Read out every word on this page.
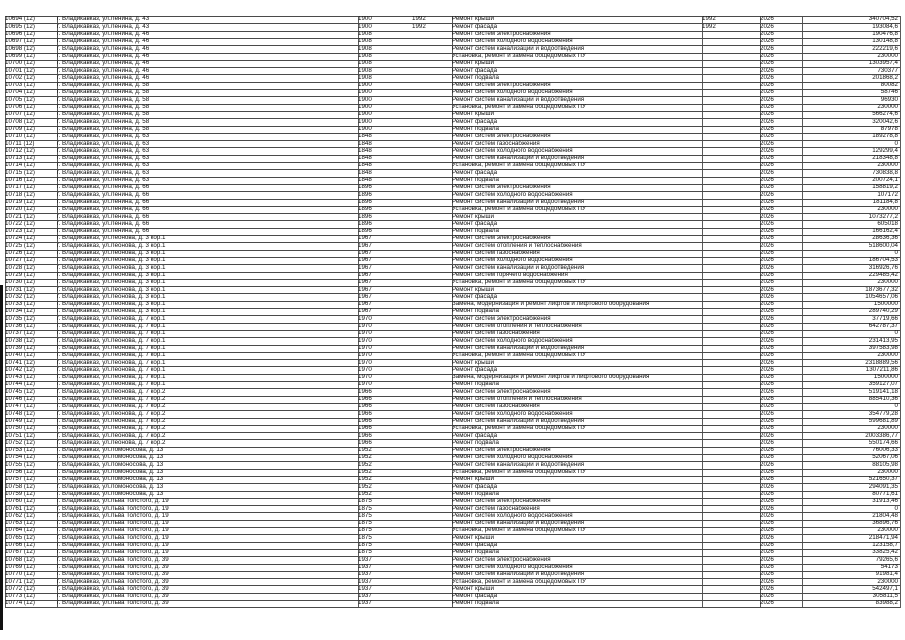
10694 (12)	г. Владикавказ, ул.Ленина, д. 43	1900	1992	Ремонт крыши	1992	2026	340704,52
10695 (12)	г. Владикавказ, ул.Ленина, д. 43	1900	1992	Ремонт фасада	1992	2026	193084,6
10696 (12)	г. Владикавказ, ул.Ленина, д. 46	1908	Ремонт систем электроснабжения	2026	190476,8
10697 (12)	г. Владикавказ, ул.Ленина, д. 46	1908	Ремонт систем холодного водоснабжения	2026	130148,8
10698 (12)	г. Владикавказ, ул.Ленина, д. 46	1908	Ремонт систем канализации и водоотведения	2026	222219,6
10699 (12)	г. Владикавказ, ул.Ленина, д. 46	1908	Установка, ремонт и замена общедомовых ПУ	2026	230000
10700 (12)	г. Владикавказ, ул.Ленина, д. 46	1908	Ремонт крыши	2026	1303957,4
10701 (12)	г. Владикавказ, ул.Ленина, д. 46	1908	Ремонт фасада	2026	730377
10702 (12)	г. Владикавказ, ул.Ленина, д. 46	1908	Ремонт подвала	2026	201868,2
10703 (12)	г. Владикавказ, ул.Ленина, д. 58	1900	Ремонт систем электроснабжения	2026	80082
10704 (12)	г. Владикавказ, ул.Ленина, д. 58	1900	Ремонт систем холодного водоснабжения	2026	58746
10705 (12)	г. Владикавказ, ул.Ленина, д. 58	1900	Ремонт систем канализации и водоотведения	2026	96930
10706 (12)	г. Владикавказ, ул.Ленина, д. 58	1900	Установка, ремонт и замена общедомовых ПУ	2026	230000
10707 (12)	г. Владикавказ, ул.Ленина, д. 58	1900	Ремонт крыши	2026	566274,6
10708 (12)	г. Владикавказ, ул.Ленина, д. 58	1900	Ремонт фасада	2026	320042,6
10709 (12)	г. Владикавказ, ул.Ленина, д. 58	1900	Ремонт подвала	2026	87978
10710 (12)	г. Владикавказ, ул.Ленина, д. 63	1848	Ремонт систем электроснабжения	2026	189278,8
10711 (12)	г. Владикавказ, ул.Ленина, д. 63	1848	Ремонт систем газоснабжения	2026	0
10712 (12)	г. Владикавказ, ул.Ленина, д. 63	1848	Ремонт систем холодного водоснабжения	2026	129299,4
10713 (12)	г. Владикавказ, ул.Ленина, д. 63	1848	Ремонт систем канализации и водоотведения	2026	218348,8
10714 (12)	г. Владикавказ, ул.Ленина, д. 63	1848	Установка, ремонт и замена общедомовых ПУ	2026	230000
10715 (12)	г. Владикавказ, ул.Ленина, д. 63	1848	Ремонт фасада	2026	730838,8
10716 (12)	г. Владикавказ, ул.Ленина, д. 63	1848	Ремонт подвала	2026	200724,1
10717 (12)	г. Владикавказ, ул.Ленина, д. 66	1896	Ремонт систем электроснабжения	2026	158819,2
10718 (12)	г. Владикавказ, ул.Ленина, д. 66	1896	Ремонт систем холодного водоснабжения	2026	107172
10719 (12)	г. Владикавказ, ул.Ленина, д. 66	1896	Ремонт систем канализации и водоотведения	2026	181184,8
10720 (12)	г. Владикавказ, ул.Ленина, д. 66	1896	Установка, ремонт и замена общедомовых ПУ	2026	230000
10721 (12)	г. Владикавказ, ул.Ленина, д. 66	1896	Ремонт крыши	2026	1073277,2
10722 (12)	г. Владикавказ, ул.Ленина, д. 66	1896	Ремонт фасада	2026	605018
10723 (12)	г. Владикавказ, ул.Ленина, д. 66	1896	Ремонт подвала	2026	166162,4
10724 (12)	г. Владикавказ, ул.Леонова, д. 3 кор.1	1967	Ремонт систем электроснабжения	2026	28636,36
10725 (12)	г. Владикавказ, ул.Леонова, д. 3 кор.1	1967	Ремонт систем отопления и теплоснабжения	2026	518600,04
10726 (12)	г. Владикавказ, ул.Леонова, д. 3 кор.1	1967	Ремонт систем газоснабжения	2026	0
10727 (12)	г. Владикавказ, ул.Леонова, д. 3 кор.1	1967	Ремонт систем холодного водоснабжения	2026	186704,53
10728 (12)	г. Владикавказ, ул.Леонова, д. 3 кор.1	1967	Ремонт систем канализации и водоотведения	2026	316926,76
10729 (12)	г. Владикавказ, ул.Леонова, д. 3 кор.1	1967	Ремонт систем горячего водоснабжения	2026	229485,42
10730 (12)	г. Владикавказ, ул.Леонова, д. 3 кор.1	1967	Установка, ремонт и замена общедомовых ПУ	2026	230000
10731 (12)	г. Владикавказ, ул.Леонова, д. 3 кор.1	1967	Ремонт крыши	2026	1873677,32
10732 (12)	г. Владикавказ, ул.Леонова, д. 3 кор.1	1967	Ремонт фасада	2026	1054657,06
10733 (12)	г. Владикавказ, ул.Леонова, д. 3 кор.1	1967	Замена, модернизация и ремонт лифтов и лифтового оборудования	2026	1500000
10734 (12)	г. Владикавказ, ул.Леонова, д. 3 кор.1	1967	Ремонт подвала	2026	289740,29
10735 (12)	г. Владикавказ, ул.Леонова, д. 7 кор.1	1970	Ремонт систем электроснабжения	2026	37719,66
10736 (12)	г. Владикавказ, ул.Леонова, д. 7 кор.1	1970	Ремонт систем отопления и теплоснабжения	2026	642787,37
10737 (12)	г. Владикавказ, ул.Леонова, д. 7 кор.1	1970	Ремонт систем газоснабжения	2026	0
10738 (12)	г. Владикавказ, ул.Леонова, д. 7 кор.1	1970	Ремонт систем холодного водоснабжения	2026	231413,95
10739 (12)	г. Владикавказ, ул.Леонова, д. 7 кор.1	1970	Ремонт систем канализации и водоотведения	2026	397583,98
10740 (12)	г. Владикавказ, ул.Леонова, д. 7 кор.1	1970	Установка, ремонт и замена общедомовых ПУ	2026	230000
10741 (12)	г. Владикавказ, ул.Леонова, д. 7 кор.1	1970	Ремонт крыши	2026	2318889,56
10742 (12)	г. Владикавказ, ул.Леонова, д. 7 кор.1	1970	Ремонт фасада	2026	1307211,86
10743 (12)	г. Владикавказ, ул.Леонова, д. 7 кор.1	1970	Замена, модернизация и ремонт лифтов и лифтового оборудования	2026	1500000
10744 (12)	г. Владикавказ, ул.Леонова, д. 7 кор.1	1970	Ремонт подвала	2026	359127,07
10745 (12)	г. Владикавказ, ул.Леонова, д. 7 кор.2	1966	Ремонт систем электроснабжения	2026	519141,18
10746 (12)	г. Владикавказ, ул.Леонова, д. 7 кор.2	1966	Ремонт систем отопления и теплоснабжения	2026	885410,36
10747 (12)	г. Владикавказ, ул.Леонова, д. 7 кор.2	1966	Ремонт систем газоснабжения	2026	0
10748 (12)	г. Владикавказ, ул.Леонова, д. 7 кор.2	1966	Ремонт систем холодного водоснабжения	2026	354779,28
10749 (12)	г. Владикавказ, ул.Леонова, д. 7 кор.2	1966	Ремонт систем канализации и водоотведения	2026	599681,89
10750 (12)	г. Владикавказ, ул.Леонова, д. 7 кор.2	1966	Установка, ремонт и замена общедомовых ПУ	2026	230000
10751 (12)	г. Владикавказ, ул.Леонова, д. 7 кор.2	1966	Ремонт фасада	2026	2003386,77
10752 (12)	г. Владикавказ, ул.Леонова, д. 7 кор.2	1966	Ремонт подвала	2026	550174,66
10753 (12)	г. Владикавказ, ул.Ломоносова, д. 13	1952	Ремонт систем электроснабжения	2026	76006,33
10754 (12)	г. Владикавказ, ул.Ломоносова, д. 13	1952	Ремонт систем холодного водоснабжения	2026	52067,06
10755 (12)	г. Владикавказ, ул.Ломоносова, д. 13	1952	Ремонт систем канализации и водоотведения	2026	88105,98
10756 (12)	г. Владикавказ, ул.Ломоносова, д. 13	1952	Установка, ремонт и замена общедомовых ПУ	2026	230000
10757 (12)	г. Владикавказ, ул.Ломоносова, д. 13	1952	Ремонт крыши	2026	521650,37
10758 (12)	г. Владикавказ, ул.Ломоносова, д. 13	1952	Ремонт фасада	2026	294091,35
10759 (12)	г. Владикавказ, ул.Ломоносова, д. 13	1952	Ремонт подвала	2026	80771,61
10760 (12)	г. Владикавказ, ул.Льва Толстого, д. 19	1875	Ремонт систем электроснабжения	2026	31913,46
10761 (12)	г. Владикавказ, ул.Льва Толстого, д. 19	1875	Ремонт систем газоснабжения	2026	0
10762 (12)	г. Владикавказ, ул.Льва Толстого, д. 19	1875	Ремонт систем холодного водоснабжения	2026	21804,48
10763 (12)	г. Владикавказ, ул.Льва Толстого, д. 19	1875	Ремонт систем канализации и водоотведения	2026	36896,76
10764 (12)	г. Владикавказ, ул.Льва Толстого, д. 19	1875	Установка, ремонт и замена общедомовых ПУ	2026	230000
10765 (12)	г. Владикавказ, ул.Льва Толстого, д. 19	1875	Ремонт крыши	2026	218471,94
10766 (12)	г. Владикавказ, ул.Льва Толстого, д. 19	1875	Ремонт фасада	2026	123158,7
10767 (12)	г. Владикавказ, ул.Льва Толстого, д. 19	1875	Ремонт подвала	2026	33825,42
10768 (12)	г. Владикавказ, ул.Льва Толстого, д. 39	1937	Ремонт систем электроснабжения	2026	79265,6
10769 (12)	г. Владикавказ, ул.Льва Толстого, д. 39	1937	Ремонт систем холодного водоснабжения	2026	54173
10770 (12)	г. Владикавказ, ул.Льва Толстого, д. 39	1937	Ремонт систем канализации и водоотведения	2026	91981,4
10771 (12)	г. Владикавказ, ул.Льва Толстого, д. 39	1937	Установка, ремонт и замена общедомовых ПУ	2026	230000
10772 (12)	г. Владикавказ, ул.Льва Толстого, д. 39	1937	Ремонт крыши	2026	542497,1
10773 (12)	г. Владикавказ, ул.Льва Толстого, д. 39	1937	Ремонт фасада	2026	305811,5
10774 (12)	г. Владикавказ, ул.Льва Толстого, д. 39	1937	Ремонт подвала	2026	83988,2
